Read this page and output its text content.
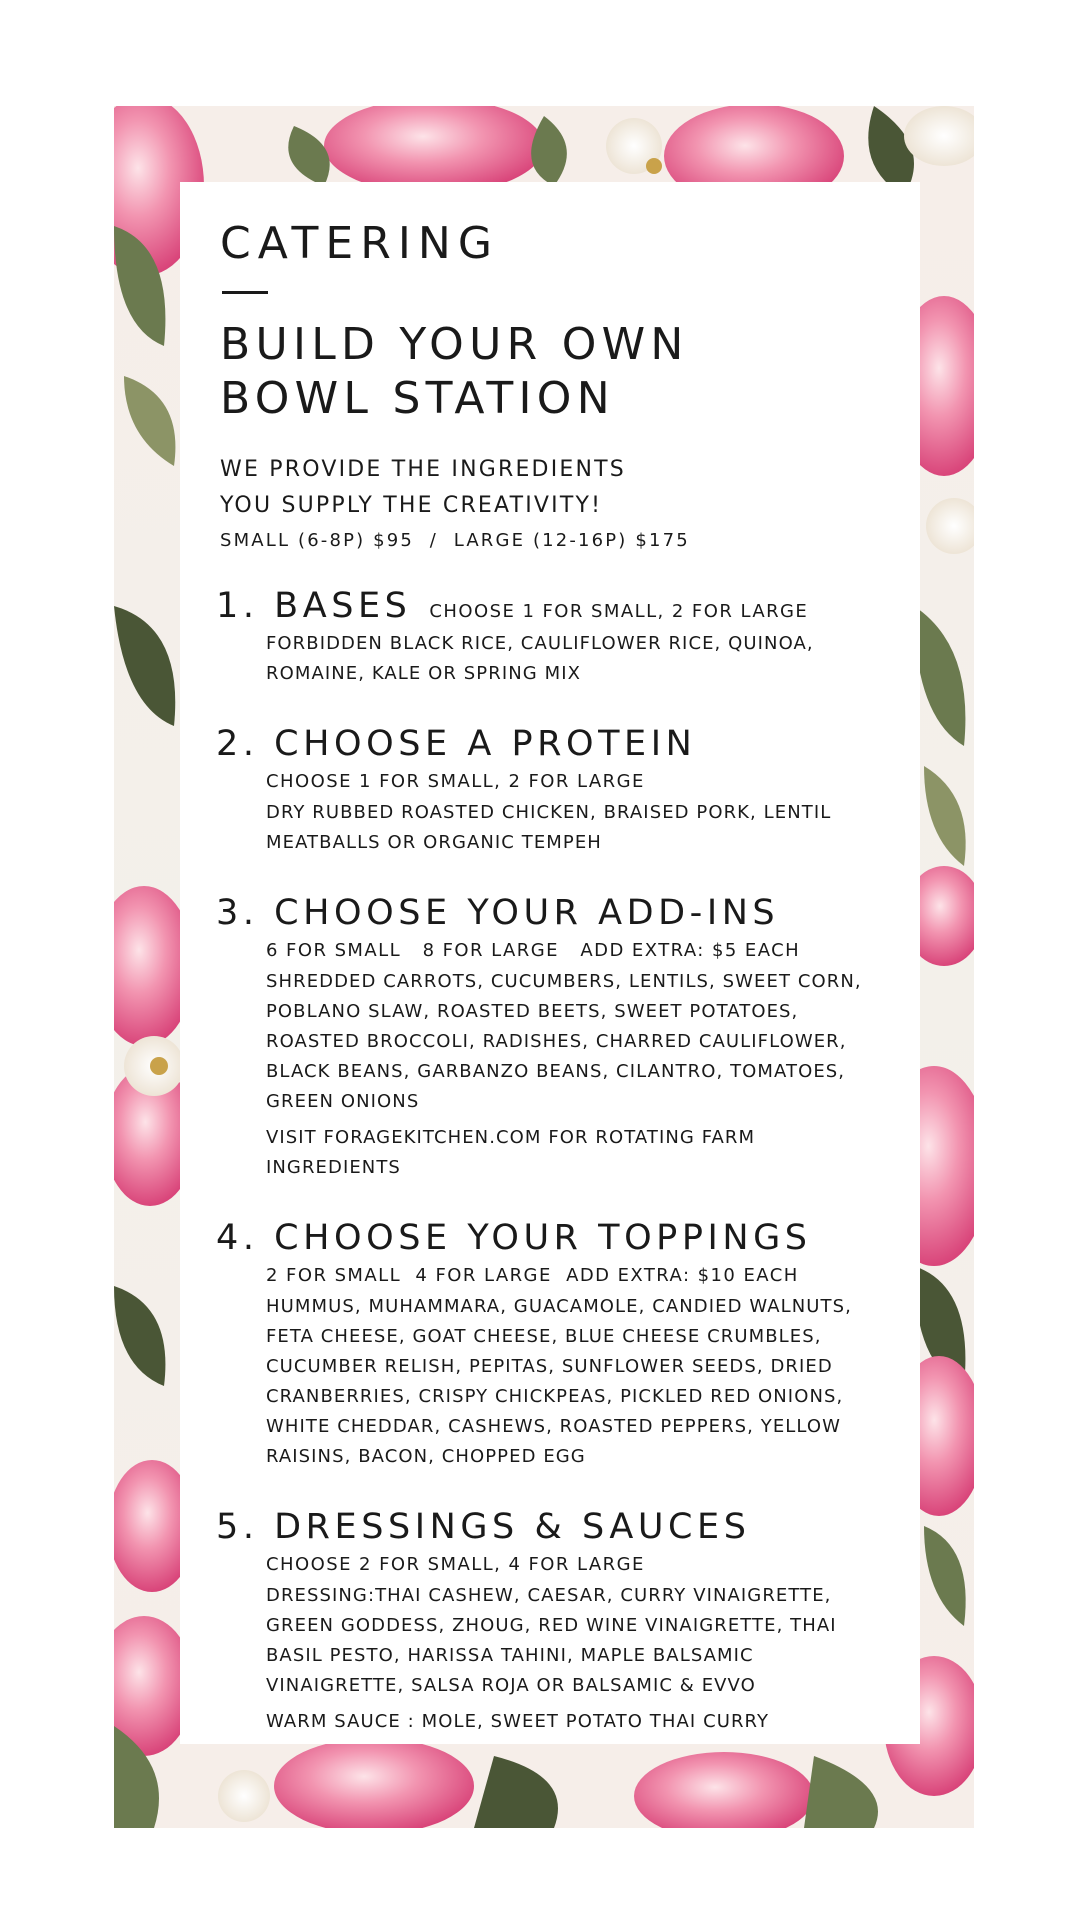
CATERING
BUILD YOUR OWN
BOWL STATION
WE PROVIDE THE INGREDIENTS
YOU SUPPLY THE CREATIVITY!
SMALL (6-8P) $95  /  LARGE (12-16P) $175
1. BASES CHOOSE 1 FOR SMALL, 2 FOR LARGE
FORBIDDEN BLACK RICE, CAULIFLOWER RICE, QUINOA, ROMAINE, KALE OR SPRING MIX
2. CHOOSE A PROTEIN
CHOOSE 1 FOR SMALL, 2 FOR LARGE
DRY RUBBED ROASTED CHICKEN, BRAISED PORK, LENTIL MEATBALLS OR ORGANIC TEMPEH
3. CHOOSE YOUR ADD-INS
6 FOR SMALL   8 FOR LARGE   ADD EXTRA: $5 EACH
SHREDDED CARROTS, CUCUMBERS, LENTILS, SWEET CORN, POBLANO SLAW, ROASTED BEETS, SWEET POTATOES, ROASTED BROCCOLI, RADISHES, CHARRED CAULIFLOWER, BLACK BEANS, GARBANZO BEANS, CILANTRO, TOMATOES, GREEN ONIONS
VISIT FORAGEKITCHEN.COM FOR ROTATING FARM INGREDIENTS
4. CHOOSE YOUR TOPPINGS
2 FOR SMALL  4 FOR LARGE  ADD EXTRA: $10 EACH
HUMMUS, MUHAMMARA, GUACAMOLE, CANDIED WALNUTS, FETA CHEESE, GOAT CHEESE, BLUE CHEESE CRUMBLES, CUCUMBER RELISH, PEPITAS, SUNFLOWER SEEDS, DRIED CRANBERRIES, CRISPY CHICKPEAS, PICKLED RED ONIONS, WHITE CHEDDAR, CASHEWS, ROASTED PEPPERS, YELLOW RAISINS, BACON, CHOPPED EGG
5. DRESSINGS & SAUCES
CHOOSE 2 FOR SMALL, 4 FOR LARGE
DRESSING:THAI CASHEW, CAESAR, CURRY VINAIGRETTE, GREEN GODDESS, ZHOUG, RED WINE VINAIGRETTE, THAI BASIL PESTO, HARISSA TAHINI, MAPLE BALSAMIC VINAIGRETTE, SALSA ROJA OR BALSAMIC & EVVO
WARM SAUCE : MOLE, SWEET POTATO THAI CURRY
